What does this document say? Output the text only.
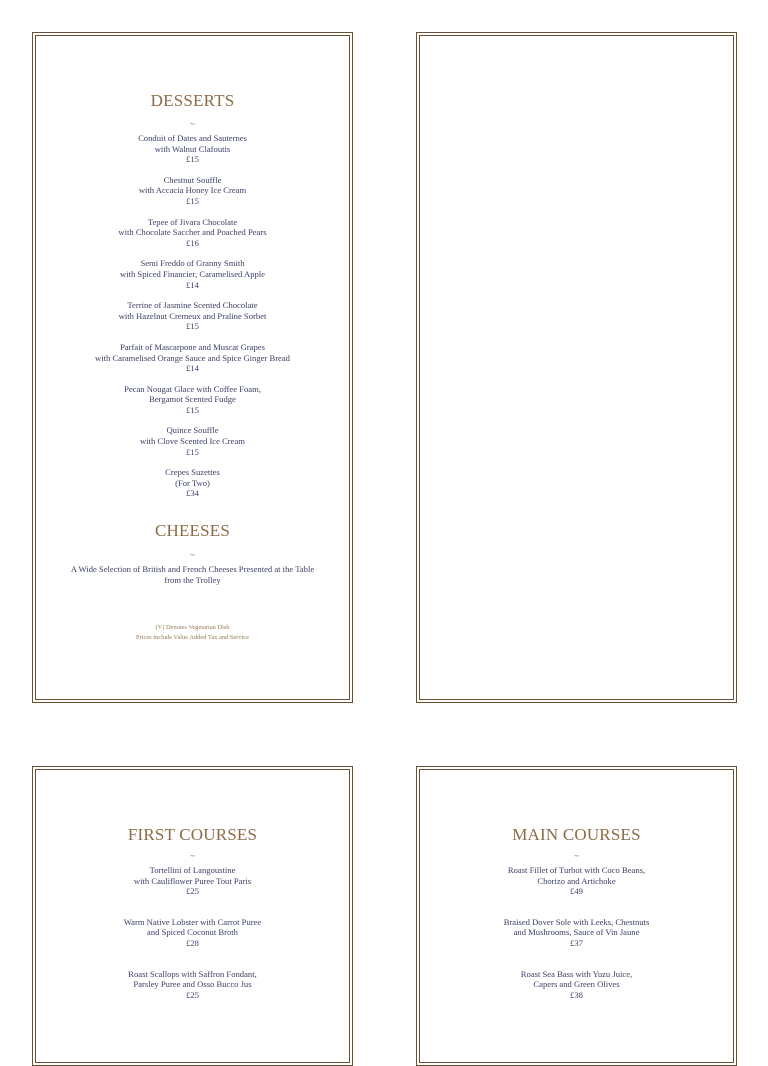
DESSERTS
~
Conduit of Dates and Sauternes
with Walnut Clafoutis
£15
Chestnut Souffle
with Accacia Honey Ice Cream
£15
Tepee of Jivara Chocolate
with Chocolate Saccher and Poached Pears
£16
Semi Freddo of Granny Smith
with Spiced Financier, Caramelised Apple
£14
Terrine of Jasmine Scented Chocolate
with Hazelnut Cremeux and Praline Sorbet
£15
Parfait of Mascarpone and Muscat Grapes
with Caramelised Orange Sauce and Spice Ginger Bread
£14
Pecan Nougat Glace with Coffee Foam,
Bergamot Scented Fudge
£15
Quince Souffle
with Clove Scented Ice Cream
£15
Crepes Suzettes
(For Two)
£34
CHEESES
~
A Wide Selection of British and French Cheeses Presented at the Table
from the Trolley
(V) Denotes Vegetarian Dish
Prices include Value Added Tax and Service
FIRST COURSES
~
Tortellini of Langoustine
with Cauliflower Puree Tout Paris
£25
Warm Native Lobster with Carrot Puree
and Spiced Coconut Broth
£28
Roast Scallops with Saffron Fondant,
Parsley Puree and Osso Bucco Jus
£25
MAIN COURSES
~
Roast Fillet of Turbot with Coco Beans,
Chorizo and Artichoke
£49
Braised Dover Sole with Leeks, Chestnuts
and Mushrooms, Sauce of Vin Jaune
£37
Roast Sea Bass with Yuzu Juice,
Capers and Green Olives
£38
